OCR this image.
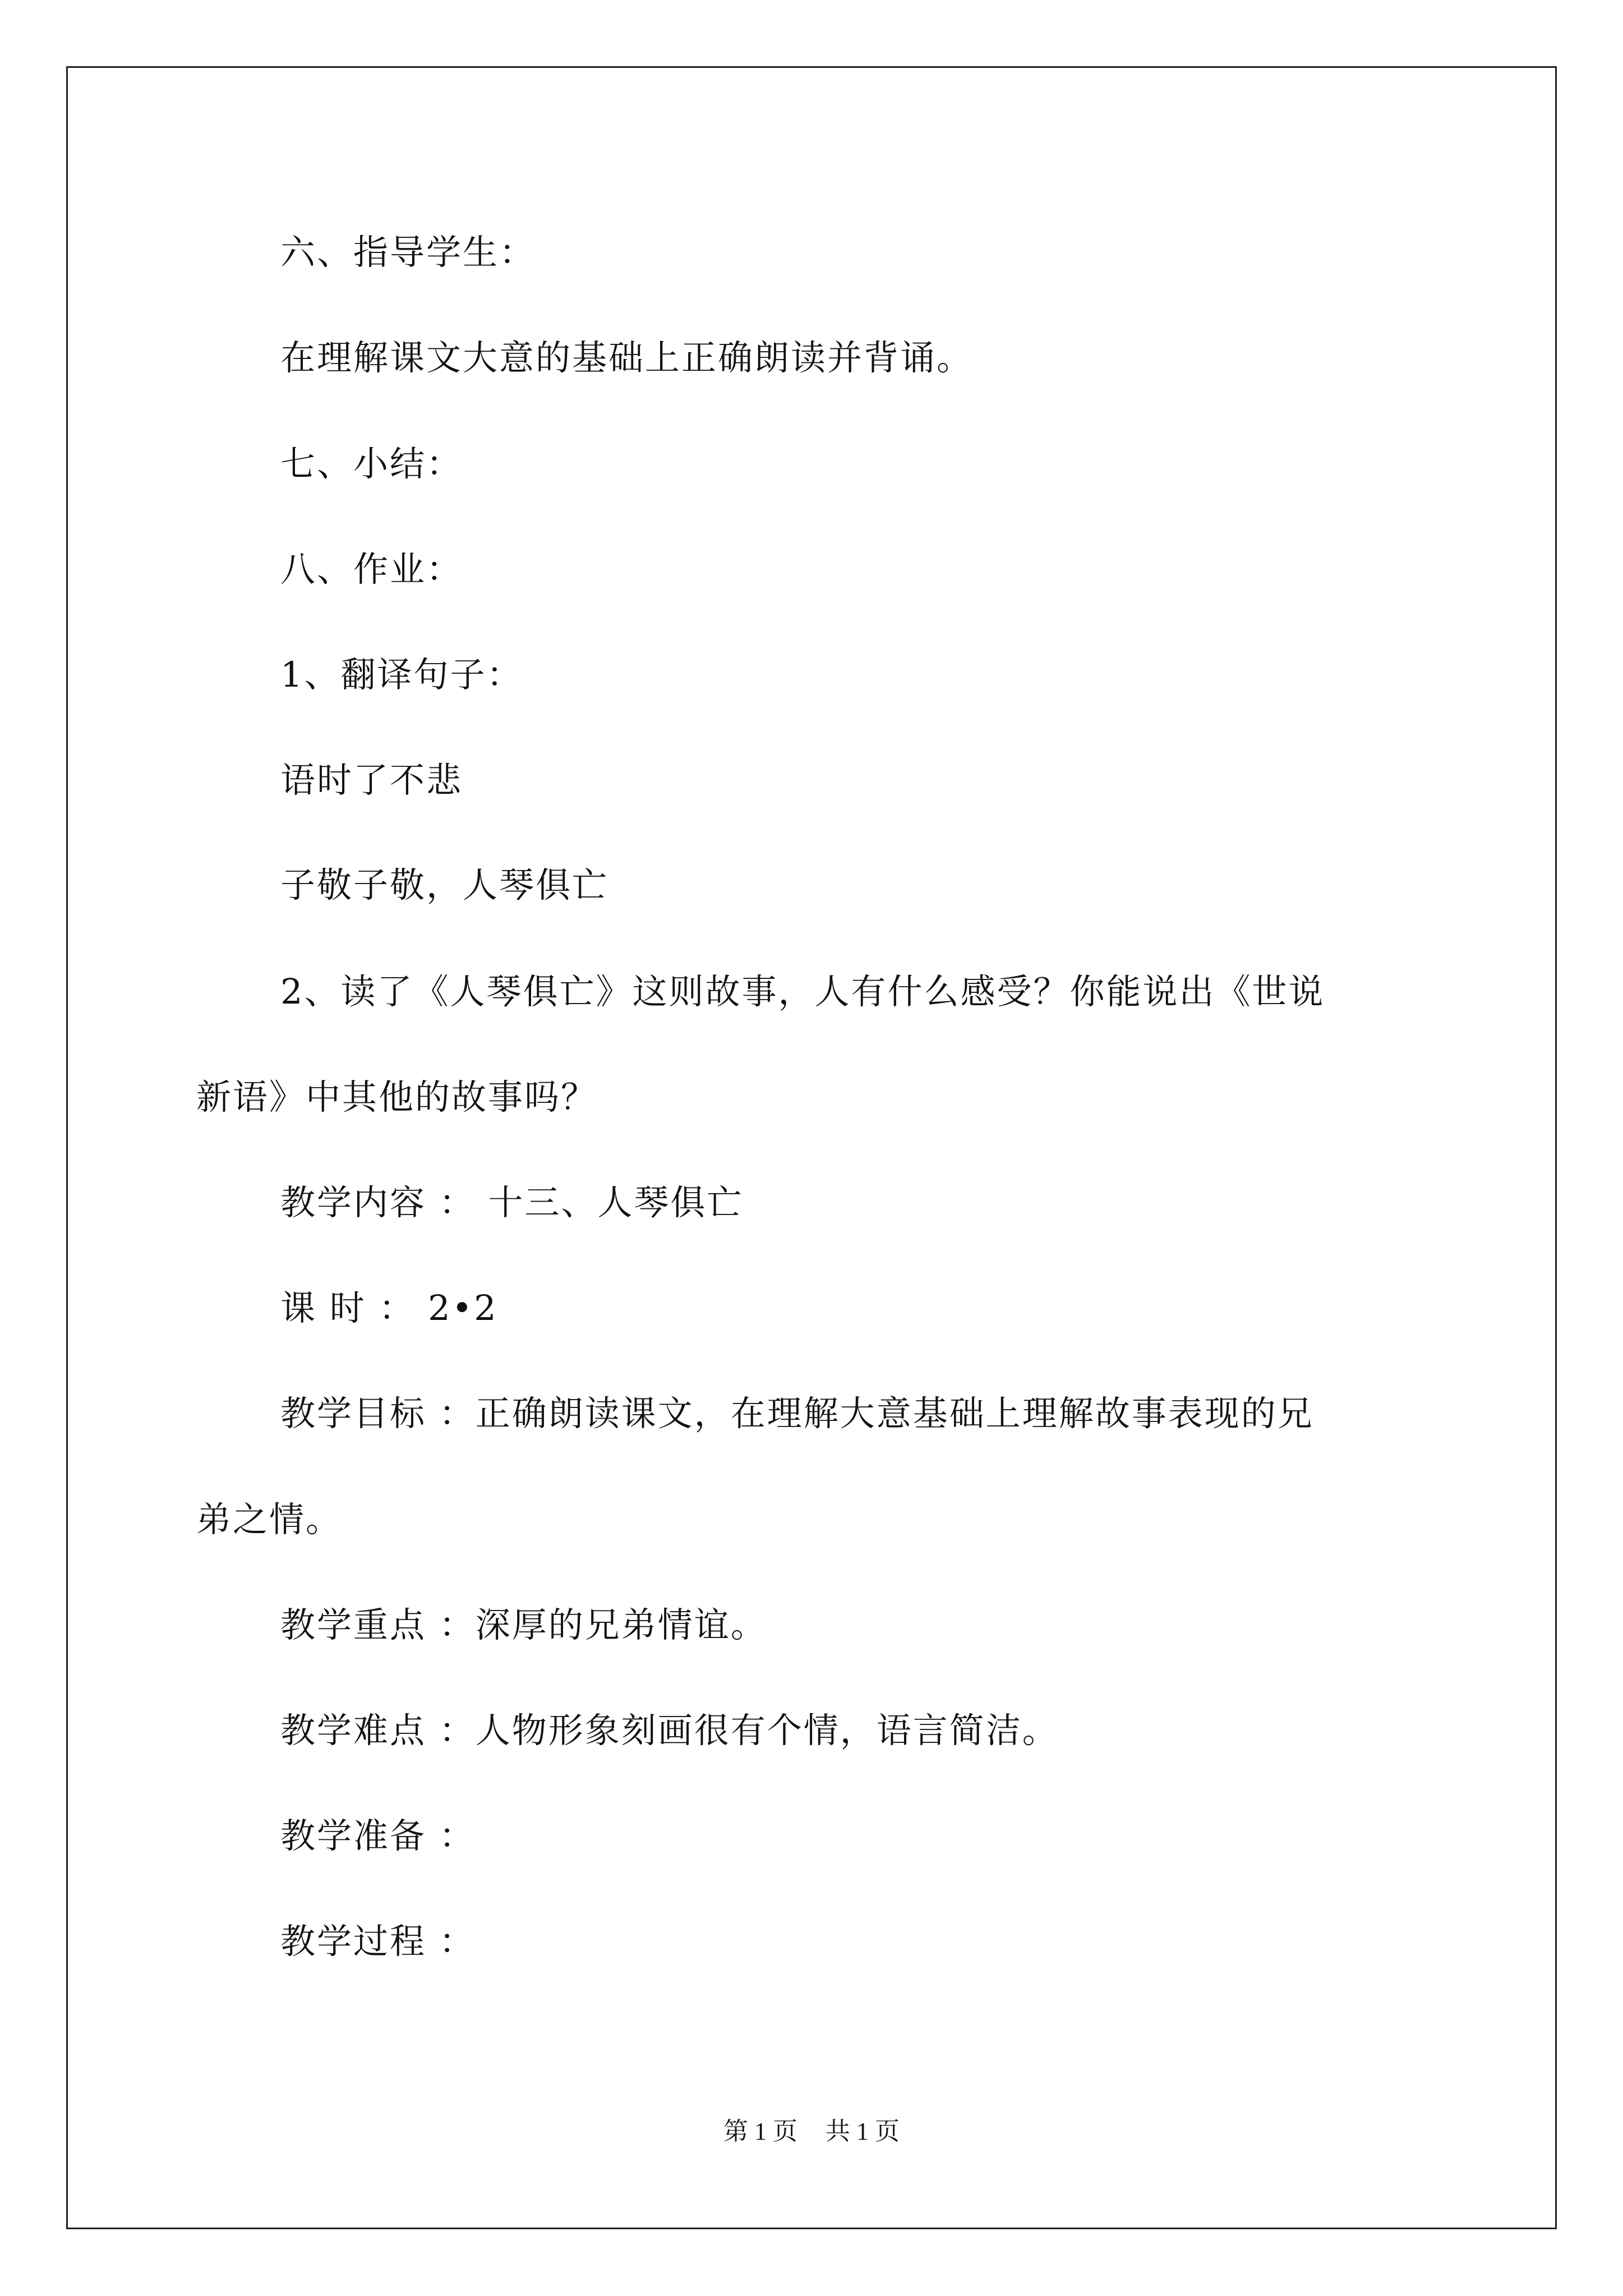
六、指导学生：
在理解课文大意的基础上正确朗读并背诵。
七、小结：
八、作业：
1、翻译句子：
语时了不悲
子敬子敬，人琴俱亡
2、读了《人琴俱亡》这则故事，人有什么感受？你能说出《世说
新语》中其他的故事吗？
教学内容 ： 十三、人琴俱亡
课 时 ： 2•2
教学目标 ：正确朗读课文，在理解大意基础上理解故事表现的兄
弟之情。
教学重点 ：深厚的兄弟情谊。
教学难点 ：人物形象刻画很有个情，语言简洁。
教学准备 ：
教学过程 ：
第 1 页 共 1 页
